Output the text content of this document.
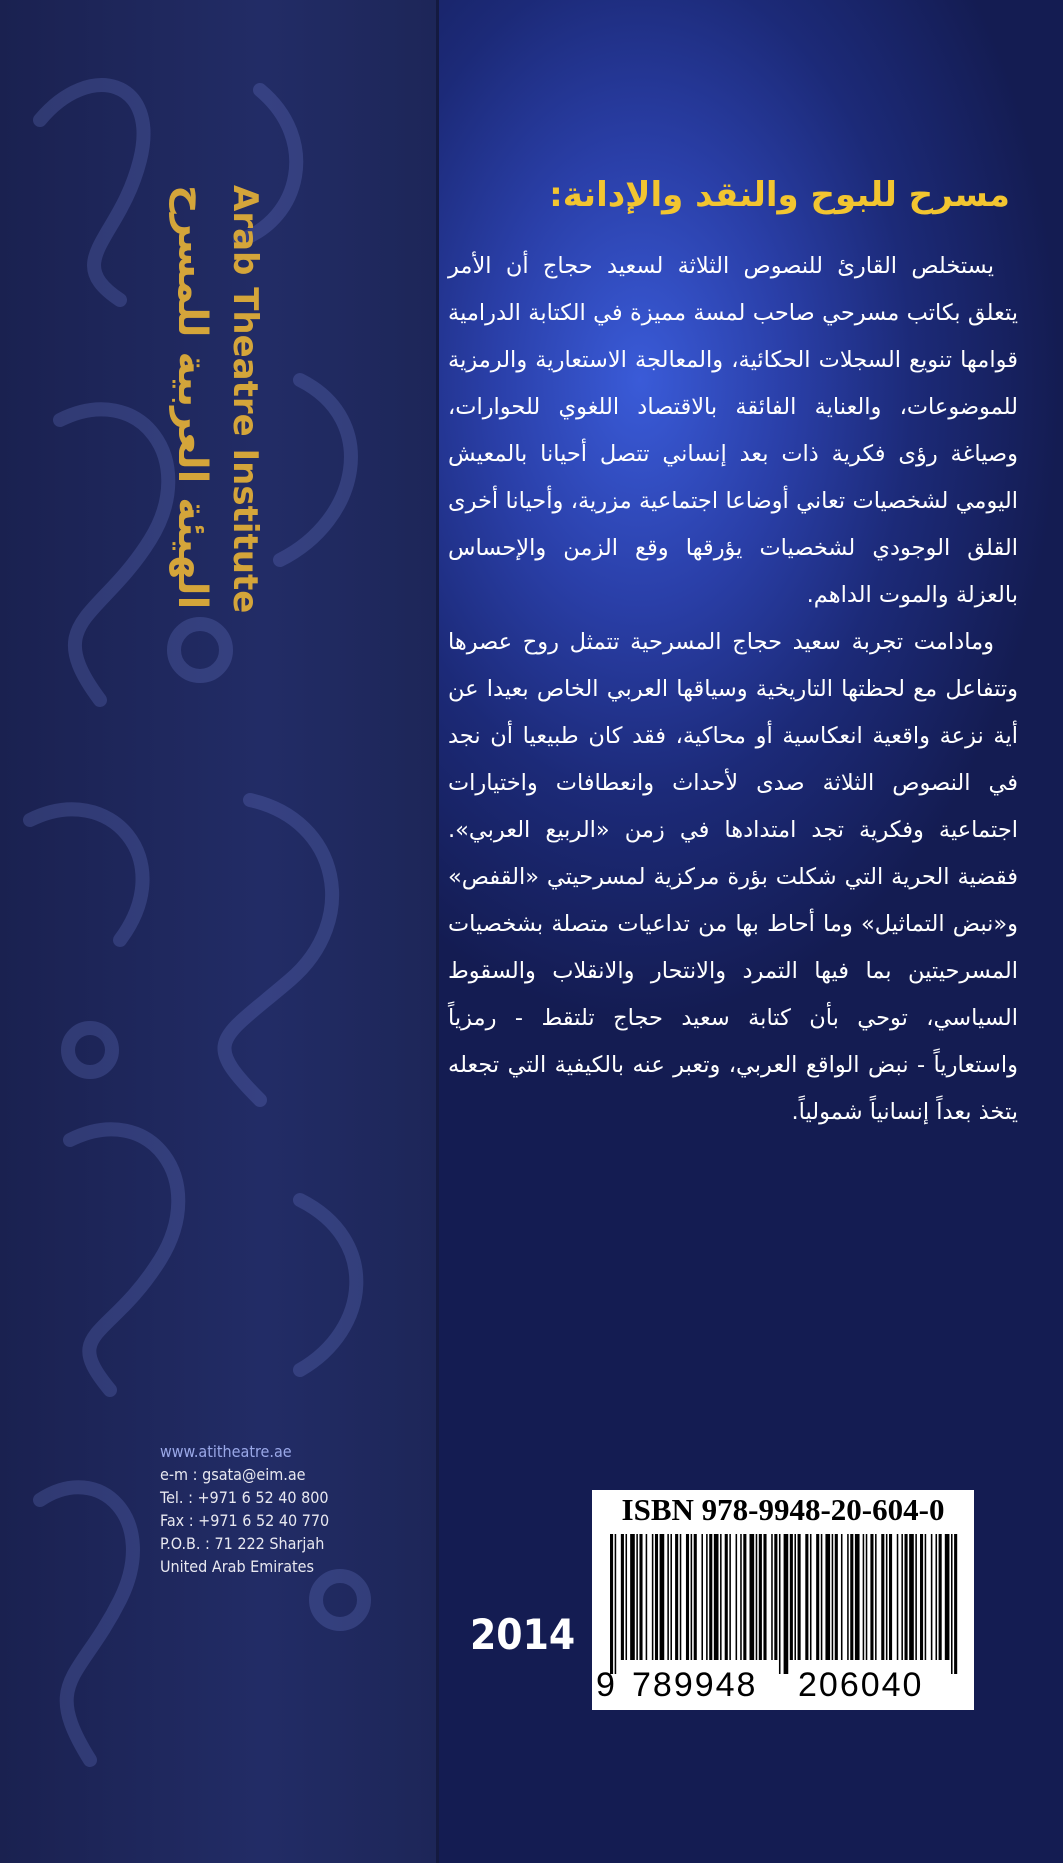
Arab Theatre Institute
الهيئة العربية للمسرح
www.atitheatre.ae
e-m : gsata@eim.ae
Tel. : +971 6 52 40 800
Fax : +971 6 52 40 770
P.O.B. : 71 222 Sharjah
United Arab Emirates
مسرح للبوح والنقد والإدانة:

يستخلص القارئ للنصوص الثلاثة لسعيد حجاج أن الأمر يتعلق بكاتب مسرحي صاحب لمسة مميزة في الكتابة الدرامية قوامها تنويع السجلات الحكائية، والمعالجة الاستعارية والرمزية للموضوعات، والعناية الفائقة بالاقتصاد اللغوي للحوارات، وصياغة رؤى فكرية ذات بعد إنساني تتصل أحيانا بالمعيش اليومي لشخصيات تعاني أوضاعا اجتماعية مزرية، وأحيانا أخرى القلق الوجودي لشخصيات يؤرقها وقع الزمن والإحساس بالعزلة والموت الداهم.

ومادامت تجربة سعيد حجاج المسرحية تتمثل روح عصرها وتتفاعل مع لحظتها التاريخية وسياقها العربي الخاص بعيدا عن أية نزعة واقعية انعكاسية أو محاكية، فقد كان طبيعيا أن نجد في النصوص الثلاثة صدى لأحداث وانعطافات واختيارات اجتماعية وفكرية تجد امتدادها في زمن «الربيع العربي». فقضية الحرية التي شكلت بؤرة مركزية لمسرحيتي «القفص» و«نبض التماثيل» وما أحاط بها من تداعيات متصلة بشخصيات المسرحيتين بما فيها التمرد والانتحار والانقلاب والسقوط السياسي، توحي بأن كتابة سعيد حجاج تلتقط - رمزياً واستعارياً - نبض الواقع العربي، وتعبر عنه بالكيفية التي تجعله يتخذ بعداً إنسانياً شمولياً.

2014
ISBN 978-9948-20-604-0
9 789948 206040
